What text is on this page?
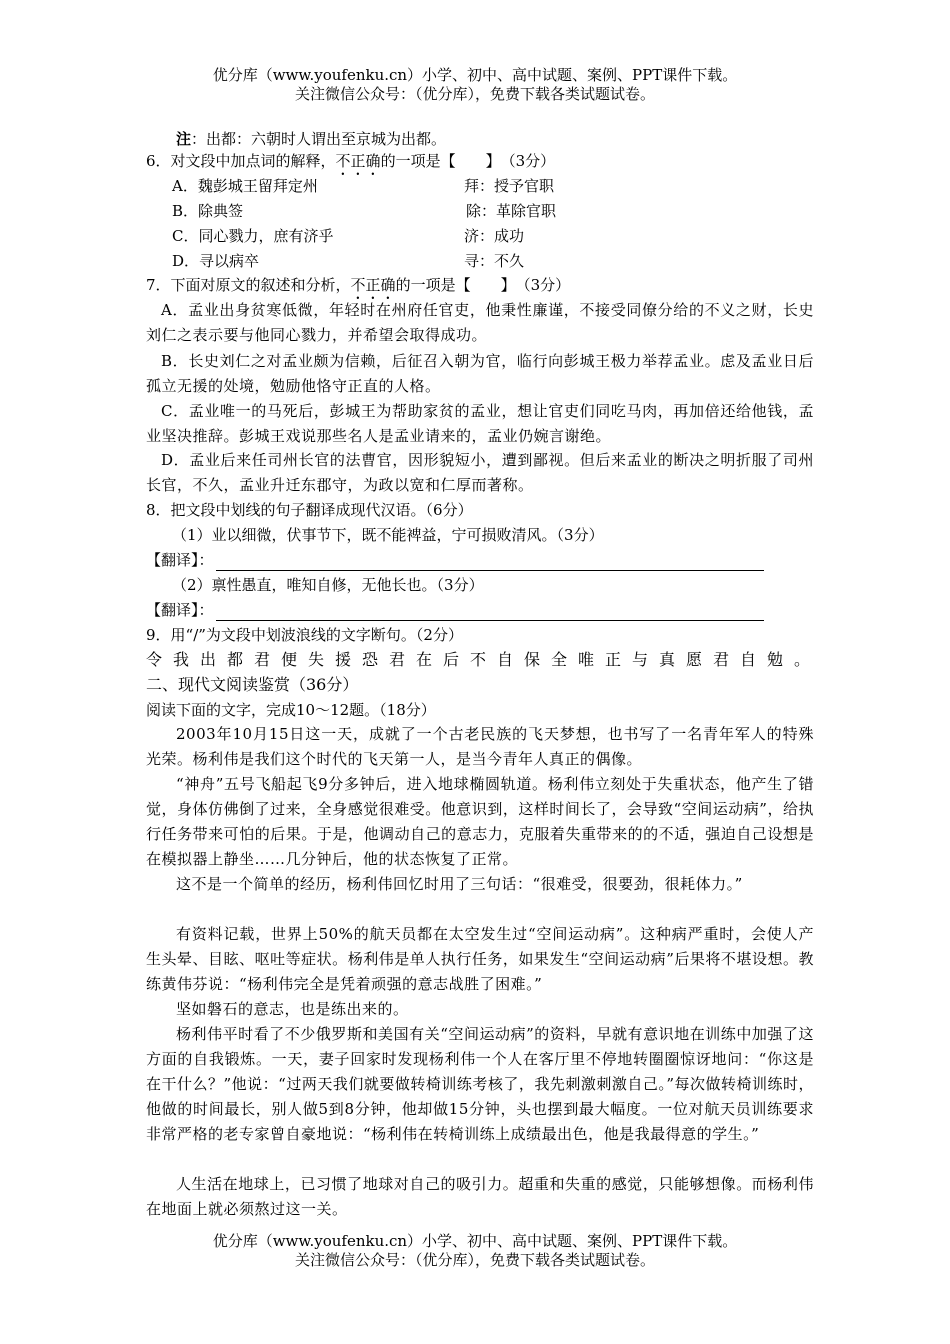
优分库（www.youfenku.cn）小学、初中、高中试题、案例、PPT课件下载。
关注微信公众号：（优分库），免费下载各类试题试卷。
注：出都：六朝时人谓出至京城为出都。
6．对文段中加点词的解释，不正确的一项是【　　】　（3分）
A．魏彭城王留拜定州	拜：授予官职
B．除典签	除：革除官职
C．同心戮力，庶有济乎	济：成功
D．寻以病卒	寻：不久
7．下面对原文的叙述和分析，不正确的一项是【　　】　（3分）
A．孟业出身贫寒低微，年轻时在州府任官吏，他秉性廉谨，不接受同僚分给的不义之财，长史刘仁之表示要与他同心戮力，并希望会取得成功。
B．长史刘仁之对孟业颇为信赖，后征召入朝为官，临行向彭城王极力举荐孟业。虑及孟业日后孤立无援的处境，勉励他恪守正直的人格。
C．孟业唯一的马死后，彭城王为帮助家贫的孟业，想让官吏们同吃马肉，再加倍还给他钱，孟业坚决推辞。彭城王戏说那些名人是孟业请来的，孟业仍婉言谢绝。
D．孟业后来任司州长官的法曹官，因形貌短小，遭到鄙视。但后来孟业的断决之明折服了司州长官，不久，孟业升迁东郡守，为政以宽和仁厚而著称。
8．把文段中划线的句子翻译成现代汉语。（6分）
（1）业以细微，伏事节下，既不能裨益，宁可损败清风。（3分）
【翻译】：
（2）禀性愚直，唯知自修，无他长也。（3分）
【翻译】：
9．用“/”为文段中划波浪线的文字断句。（2分）
令我出都君便失援恐君在后不自保全唯正与真愿君自勉。
二、现代文阅读鉴赏（36分）
阅读下面的文字，完成10～12题。（18分）
2003年10月15日这一天，成就了一个古老民族的飞天梦想，也书写了一名青年军人的特殊光荣。杨利伟是我们这个时代的飞天第一人，是当今青年人真正的偶像。
“神舟”五号飞船起飞9分多钟后，进入地球椭圆轨道。杨利伟立刻处于失重状态，他产生了错觉，身体仿佛倒了过来，全身感觉很难受。他意识到，这样时间长了，会导致“空间运动病”，给执行任务带来可怕的后果。于是，他调动自己的意志力，克服着失重带来的的不适，强迫自己设想是在模拟器上静坐……几分钟后，他的状态恢复了正常。
这不是一个简单的经历，杨利伟回忆时用了三句话：“很难受，很要劲，很耗体力。”
有资料记载，世界上50%的航天员都在太空发生过“空间运动病”。这种病严重时，会使人产生头晕、目眩、呕吐等症状。杨利伟是单人执行任务，如果发生“空间运动病”后果将不堪设想。教练黄伟芬说：“杨利伟完全是凭着顽强的意志战胜了困难。”
坚如磐石的意志，也是练出来的。
杨利伟平时看了不少俄罗斯和美国有关“空间运动病”的资料，早就有意识地在训练中加强了这方面的自我锻炼。一天，妻子回家时发现杨利伟一个人在客厅里不停地转圈圈惊讶地问：“你这是在干什么？”他说：“过两天我们就要做转椅训练考核了，我先刺激刺激自己。”每次做转椅训练时，他做的时间最长，别人做5到8分钟，他却做15分钟，头也摆到最大幅度。一位对航天员训练要求非常严格的老专家曾自豪地说：“杨利伟在转椅训练上成绩最出色，他是我最得意的学生。”
人生活在地球上，已习惯了地球对自己的吸引力。超重和失重的感觉，只能够想像。而杨利伟在地面上就必须熬过这一关。
优分库（www.youfenku.cn）小学、初中、高中试题、案例、PPT课件下载。
关注微信公众号：（优分库），免费下载各类试题试卷。
